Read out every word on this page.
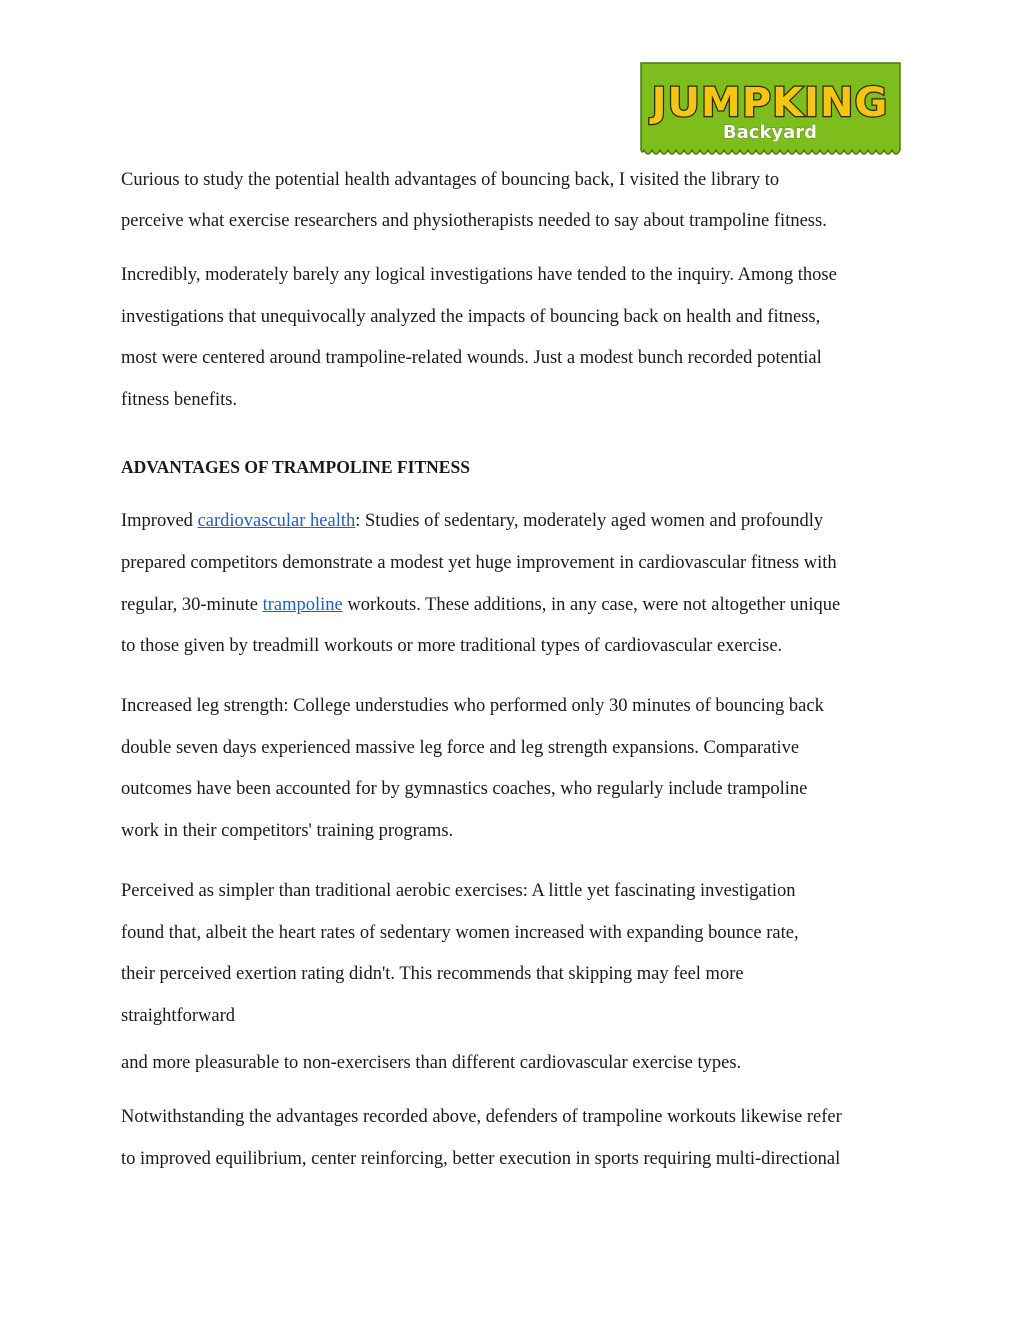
JUMPKING
Backyard
Curious to study the potential health advantages of bouncing back, I visited the library to
perceive what exercise researchers and physiotherapists needed to say about trampoline fitness.
Incredibly, moderately barely any logical investigations have tended to the inquiry. Among those
investigations that unequivocally analyzed the impacts of bouncing back on health and fitness,
most were centered around trampoline-related wounds. Just a modest bunch recorded potential
fitness benefits.
ADVANTAGES OF TRAMPOLINE FITNESS
Improved cardiovascular health: Studies of sedentary, moderately aged women and profoundly
prepared competitors demonstrate a modest yet huge improvement in cardiovascular fitness with
regular, 30-minute trampoline workouts. These additions, in any case, were not altogether unique
to those given by treadmill workouts or more traditional types of cardiovascular exercise.
Increased leg strength: College understudies who performed only 30 minutes of bouncing back
double seven days experienced massive leg force and leg strength expansions. Comparative
outcomes have been accounted for by gymnastics coaches, who regularly include trampoline
work in their competitors' training programs.
Perceived as simpler than traditional aerobic exercises: A little yet fascinating investigation
found that, albeit the heart rates of sedentary women increased with expanding bounce rate,
their perceived exertion rating didn't. This recommends that skipping may feel more
straightforward
and more pleasurable to non-exercisers than different cardiovascular exercise types.
Notwithstanding the advantages recorded above, defenders of trampoline workouts likewise refer
to improved equilibrium, center reinforcing, better execution in sports requiring multi-directional
